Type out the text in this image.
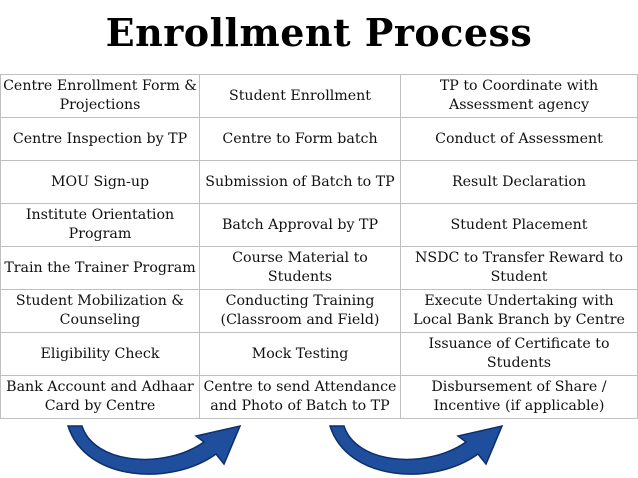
Enrollment Process
Centre Enrollment Form & Projections	Student Enrollment	TP to Coordinate with Assessment agency
Centre Inspection by TP	Centre to Form batch	Conduct of Assessment
MOU Sign-up	Submission of Batch to TP	Result Declaration
Institute Orientation Program	Batch Approval by TP	Student Placement
Train the Trainer Program	Course Material to Students	NSDC to Transfer Reward to Student
Student Mobilization & Counseling	Conducting Training (Classroom and Field)	Execute Undertaking with Local Bank Branch by Centre
Eligibility Check	Mock Testing	Issuance of Certificate to Students
Bank Account and Adhaar Card by Centre	Centre to send Attendance and Photo of Batch to TP	Disbursement of Share / Incentive (if applicable)
